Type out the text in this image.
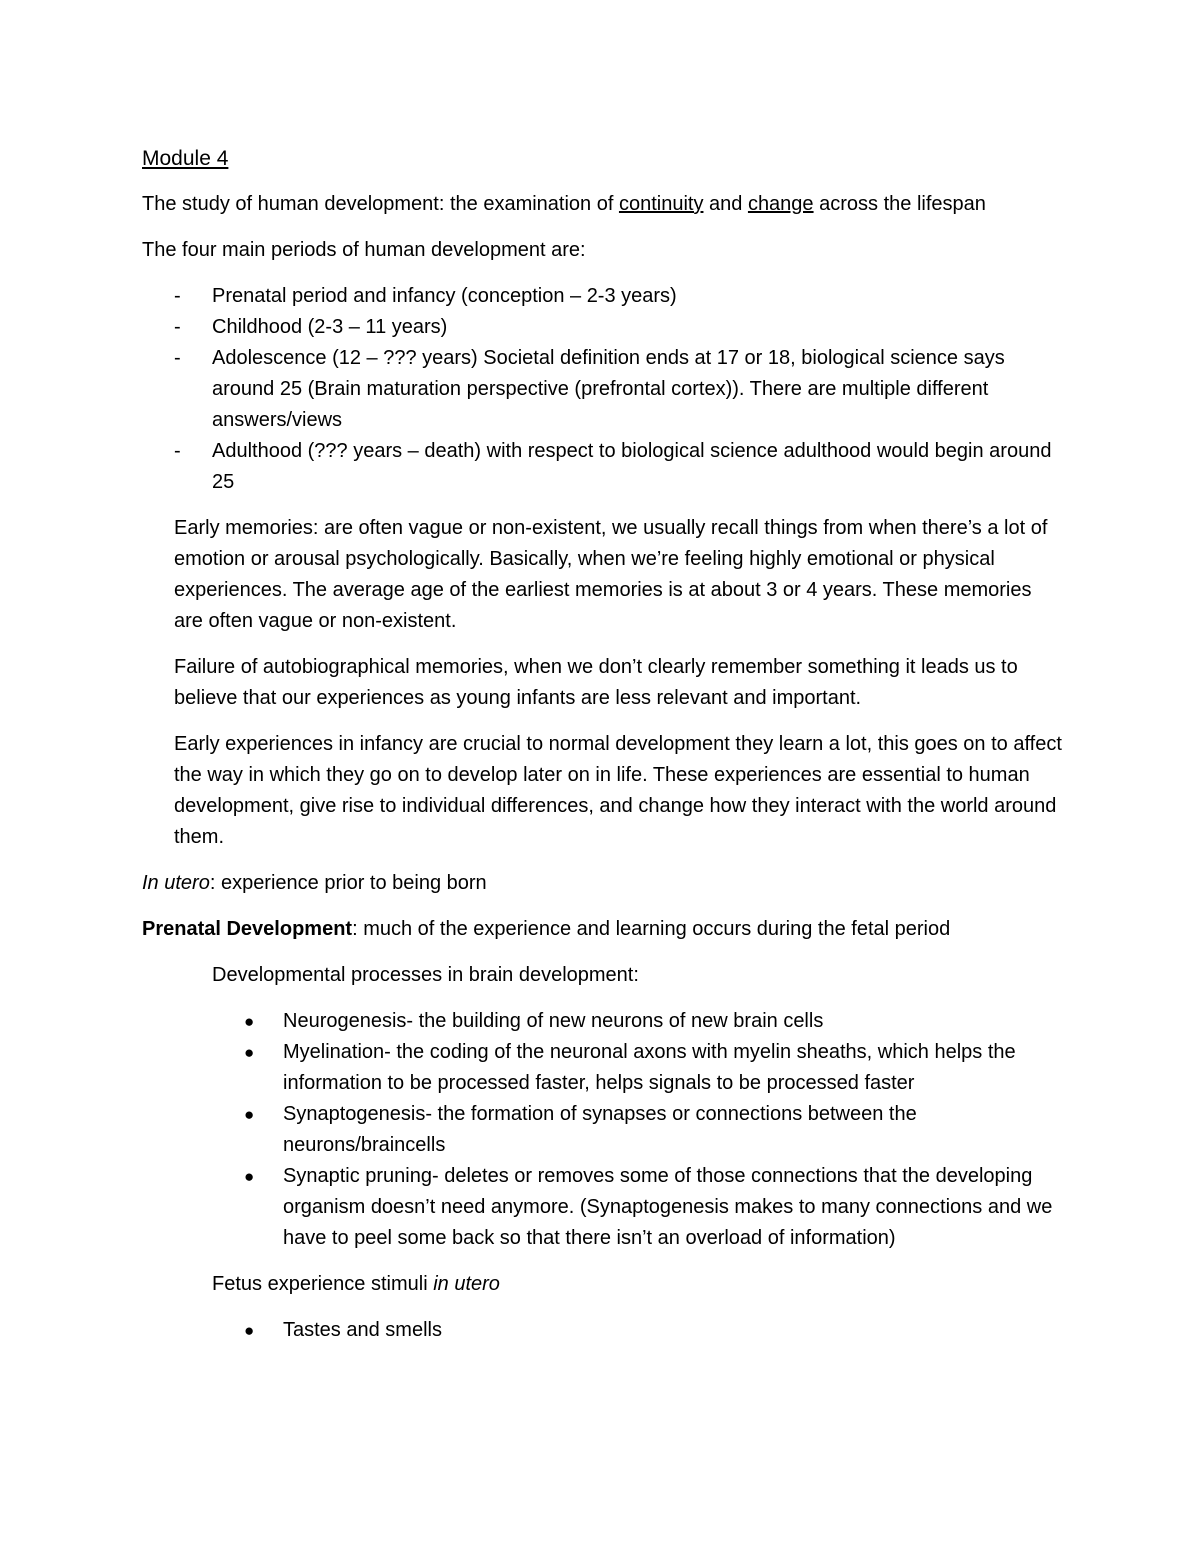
Module 4

The study of human development: the examination of continuity and change across the lifespan

The four main periods of human development are:

- Prenatal period and infancy (conception – 2-3 years)
- Childhood (2-3 – 11 years)
- Adolescence (12 – ??? years) Societal definition ends at 17 or 18, biological science says around 25 (Brain maturation perspective (prefrontal cortex)). There are multiple different answers/views
- Adulthood (??? years – death) with respect to biological science adulthood would begin around 25

Early memories: are often vague or non-existent, we usually recall things from when there’s a lot of emotion or arousal psychologically. Basically, when we’re feeling highly emotional or physical experiences. The average age of the earliest memories is at about 3 or 4 years. These memories are often vague or non-existent.

Failure of autobiographical memories, when we don’t clearly remember something it leads us to believe that our experiences as young infants are less relevant and important.

Early experiences in infancy are crucial to normal development they learn a lot, this goes on to affect the way in which they go on to develop later on in life. These experiences are essential to human development, give rise to individual differences, and change how they interact with the world around them.

In utero: experience prior to being born

Prenatal Development: much of the experience and learning occurs during the fetal period

Developmental processes in brain development:

● Neurogenesis- the building of new neurons of new brain cells
● Myelination- the coding of the neuronal axons with myelin sheaths, which helps the information to be processed faster, helps signals to be processed faster
● Synaptogenesis- the formation of synapses or connections between the neurons/braincells
● Synaptic pruning- deletes or removes some of those connections that the developing organism doesn’t need anymore. (Synaptogenesis makes to many connections and we have to peel some back so that there isn’t an overload of information)

Fetus experience stimuli in utero

● Tastes and smells
